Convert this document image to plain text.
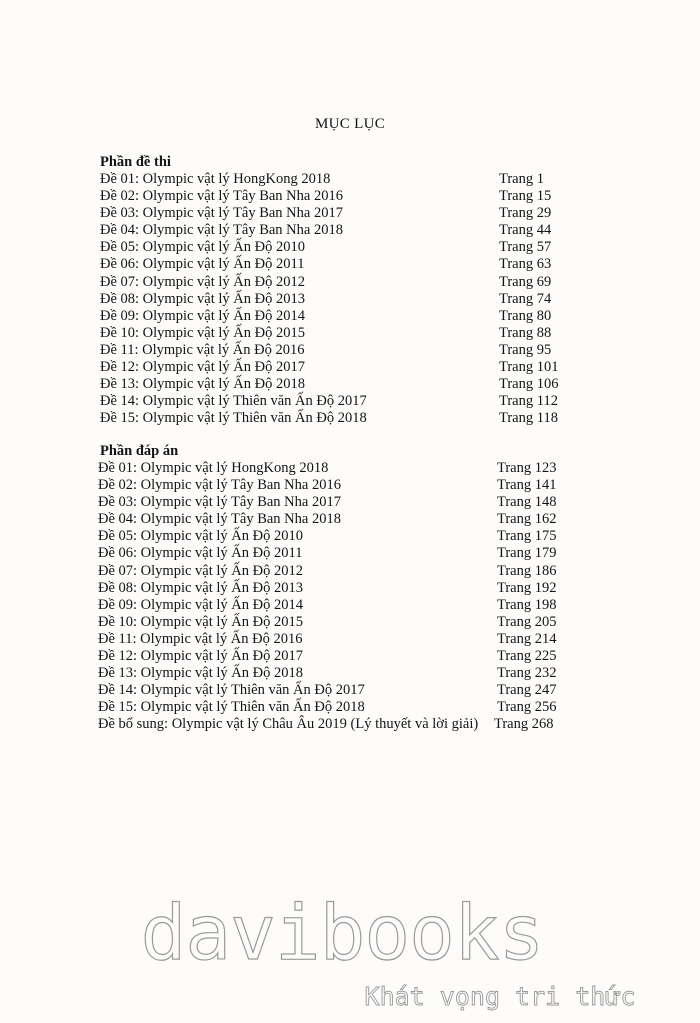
MỤC LỤC
Phần đề thi
Đề 01: Olympic vật lý HongKong 2018	Trang 1
Đề 02: Olympic vật lý Tây Ban Nha 2016	Trang 15
Đề 03: Olympic vật lý Tây Ban Nha 2017	Trang 29
Đề 04: Olympic vật lý Tây Ban Nha 2018	Trang 44
Đề 05: Olympic vật lý Ấn Độ 2010	Trang 57
Đề 06: Olympic vật lý Ấn Độ 2011	Trang 63
Đề 07: Olympic vật lý Ấn Độ 2012	Trang 69
Đề 08: Olympic vật lý Ấn Độ 2013	Trang 74
Đề 09: Olympic vật lý Ấn Độ 2014	Trang 80
Đề 10: Olympic vật lý Ấn Độ 2015	Trang 88
Đề 11: Olympic vật lý Ấn Độ 2016	Trang 95
Đề 12: Olympic vật lý Ấn Độ 2017	Trang 101
Đề 13: Olympic vật lý Ấn Độ 2018	Trang 106
Đề 14: Olympic vật lý Thiên văn Ấn Độ 2017	Trang 112
Đề 15: Olympic vật lý Thiên văn Ấn Độ 2018	Trang 118
Phần đáp án
Đề 01: Olympic vật lý HongKong 2018	Trang 123
Đề 02: Olympic vật lý Tây Ban Nha 2016	Trang 141
Đề 03: Olympic vật lý Tây Ban Nha 2017	Trang 148
Đề 04: Olympic vật lý Tây Ban Nha 2018	Trang 162
Đề 05: Olympic vật lý Ấn Độ 2010	Trang 175
Đề 06: Olympic vật lý Ấn Độ 2011	Trang 179
Đề 07: Olympic vật lý Ấn Độ 2012	Trang 186
Đề 08: Olympic vật lý Ấn Độ 2013	Trang 192
Đề 09: Olympic vật lý Ấn Độ 2014	Trang 198
Đề 10: Olympic vật lý Ấn Độ 2015	Trang 205
Đề 11: Olympic vật lý Ấn Độ 2016	Trang 214
Đề 12: Olympic vật lý Ấn Độ 2017	Trang 225
Đề 13: Olympic vật lý Ấn Độ 2018	Trang 232
Đề 14: Olympic vật lý Thiên văn Ấn Độ 2017	Trang 247
Đề 15: Olympic vật lý Thiên văn Ấn Độ 2018	Trang 256
Đề bổ sung: Olympic vật lý Châu Âu 2019 (Lý thuyết và lời giải) Trang 268
davibooks
Khát vọng tri thức
